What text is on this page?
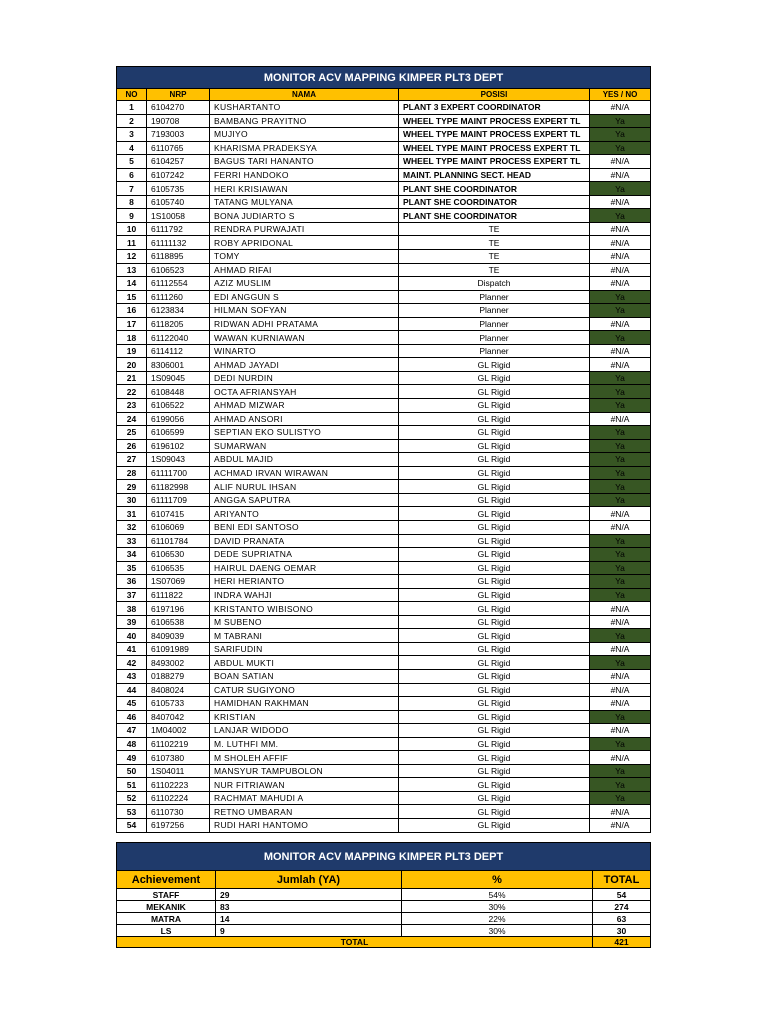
MONITOR ACV MAPPING KIMPER PLT3 DEPT				
NO	NRP	NAMA	POSISI	YES / NO
1	6104270	KUSHARTANTO	PLANT 3 EXPERT COORDINATOR	#N/A
2	190708	BAMBANG PRAYITNO	WHEEL TYPE MAINT PROCESS EXPERT TL	Ya
3	7193003	MUJIYO	WHEEL TYPE MAINT PROCESS EXPERT TL	Ya
4	6110765	KHARISMA PRADEKSYA	WHEEL TYPE MAINT PROCESS EXPERT TL	Ya
5	6104257	BAGUS TARI HANANTO	WHEEL TYPE MAINT PROCESS EXPERT TL	#N/A
6	6107242	FERRI HANDOKO	MAINT. PLANNING SECT. HEAD	#N/A
7	6105735	HERI KRISIAWAN	PLANT SHE COORDINATOR	Ya
8	6105740	TATANG MULYANA	PLANT SHE COORDINATOR	#N/A
9	1S10058	BONA JUDIARTO S	PLANT SHE COORDINATOR	Ya
10	6111792	RENDRA PURWAJATI	TE	#N/A
11	61111132	ROBY APRIDONAL	TE	#N/A
12	6118895	TOMY	TE	#N/A
13	6106523	AHMAD RIFAI	TE	#N/A
14	61112554	AZIZ MUSLIM	Dispatch	#N/A
15	6111260	EDI ANGGUN S	Planner	Ya
16	6123834	HILMAN SOFYAN	Planner	Ya
17	6118205	RIDWAN ADHI PRATAMA	Planner	#N/A
18	61122040	WAWAN KURNIAWAN	Planner	Ya
19	6114112	WINARTO	Planner	#N/A
20	8306001	AHMAD JAYADI	GL Rigid	#N/A
21	1S09045	DEDI NURDIN	GL Rigid	Ya
22	6108448	OCTA AFRIANSYAH	GL Rigid	Ya
23	6106522	AHMAD MIZWAR	GL Rigid	Ya
24	6199056	AHMAD ANSORI	GL Rigid	#N/A
25	6106599	SEPTIAN EKO SULISTYO	GL Rigid	Ya
26	6196102	SUMARWAN	GL Rigid	Ya
27	1S09043	ABDUL MAJID	GL Rigid	Ya
28	61111700	ACHMAD IRVAN WIRAWAN	GL Rigid	Ya
29	61182998	ALIF NURUL IHSAN	GL Rigid	Ya
30	61111709	ANGGA SAPUTRA	GL Rigid	Ya
31	6107415	ARIYANTO	GL Rigid	#N/A
32	6106069	BENI EDI SANTOSO	GL Rigid	#N/A
33	61101784	DAVID PRANATA	GL Rigid	Ya
34	6106530	DEDE SUPRIATNA	GL Rigid	Ya
35	6106535	HAIRUL DAENG OEMAR	GL Rigid	Ya
36	1S07069	HERI HERIANTO	GL Rigid	Ya
37	6111822	INDRA WAHJI	GL Rigid	Ya
38	6197196	KRISTANTO WIBISONO	GL Rigid	#N/A
39	6106538	M SUBENO	GL Rigid	#N/A
40	8409039	M TABRANI	GL Rigid	Ya
41	61091989	SARIFUDIN	GL Rigid	#N/A
42	8493002	ABDUL MUKTI	GL Rigid	Ya
43	0188279	BOAN SATIAN	GL Rigid	#N/A
44	8408024	CATUR SUGIYONO	GL Rigid	#N/A
45	6105733	HAMIDHAN RAKHMAN	GL Rigid	#N/A
46	8407042	KRISTIAN	GL Rigid	Ya
47	1M04002	LANJAR WIDODO	GL Rigid	#N/A
48	61102219	M. LUTHFI MM.	GL Rigid	Ya
49	6107380	M SHOLEH AFFIF	GL Rigid	#N/A
50	1S04011	MANSYUR TAMPUBOLON	GL Rigid	Ya
51	61102223	NUR FITRIAWAN	GL Rigid	Ya
52	61102224	RACHMAT MAHUDI A	GL Rigid	Ya
53	6110730	RETNO UMBARAN	GL Rigid	#N/A
54	6197256	RUDI HARI HANTOMO	GL Rigid	#N/A
MONITOR ACV MAPPING KIMPER PLT3 DEPT			
Achievement	Jumlah (YA)	%	TOTAL
STAFF	29	54%	54
MEKANIK	83	30%	274
MATRA	14	22%	63
LS	9	30%	30
TOTAL			421
